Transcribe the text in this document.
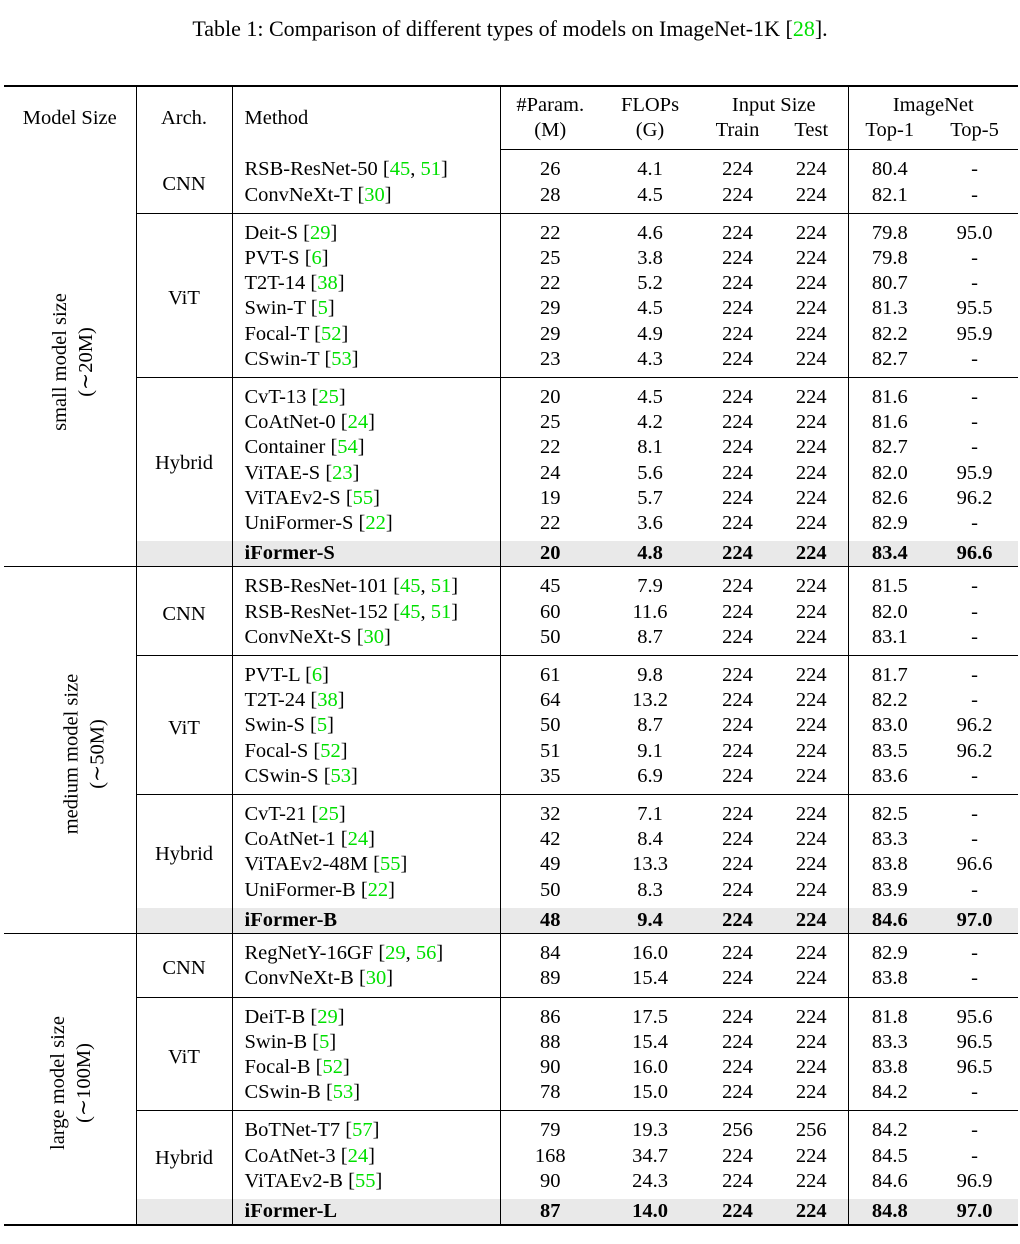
Table 1: Comparison of different types of models on ImageNet-1K [28].
Model Size	Arch.	Method	#Param.	FLOPs	Input Size		ImageNet	
			(M)	(G)	Train	Test	Top-1	Top-5

small model size (∼20M)	CNN	RSB-ResNet-50 [45, 51]	26	4.1	224	224	80.4	-
		ConvNeXt-T [30]	28	4.5	224	224	82.1	-
	ViT	Deit-S [29]	22	4.6	224	224	79.8	95.0
		PVT-S [6]	25	3.8	224	224	79.8	-
		T2T-14 [38]	22	5.2	224	224	80.7	-
		Swin-T [5]	29	4.5	224	224	81.3	95.5
		Focal-T [52]	29	4.9	224	224	82.2	95.9
		CSwin-T [53]	23	4.3	224	224	82.7	-
	Hybrid	CvT-13 [25]	20	4.5	224	224	81.6	-
		CoAtNet-0 [24]	25	4.2	224	224	81.6	-
		Container [54]	22	8.1	224	224	82.7	-
		ViTAE-S [23]	24	5.6	224	224	82.0	95.9
		ViTAEv2-S [55]	19	5.7	224	224	82.6	96.2
		UniFormer-S [22]	22	3.6	224	224	82.9	-
		iFormer-S	20	4.8	224	224	83.4	96.6

medium model size (∼50M)	CNN	RSB-ResNet-101 [45, 51]	45	7.9	224	224	81.5	-
		RSB-ResNet-152 [45, 51]	60	11.6	224	224	82.0	-
		ConvNeXt-S [30]	50	8.7	224	224	83.1	-
	ViT	PVT-L [6]	61	9.8	224	224	81.7	-
		T2T-24 [38]	64	13.2	224	224	82.2	-
		Swin-S [5]	50	8.7	224	224	83.0	96.2
		Focal-S [52]	51	9.1	224	224	83.5	96.2
		CSwin-S [53]	35	6.9	224	224	83.6	-
	Hybrid	CvT-21 [25]	32	7.1	224	224	82.5	-
		CoAtNet-1 [24]	42	8.4	224	224	83.3	-
		ViTAEv2-48M [55]	49	13.3	224	224	83.8	96.6
		UniFormer-B [22]	50	8.3	224	224	83.9	-
		iFormer-B	48	9.4	224	224	84.6	97.0

large model size (∼100M)	CNN	RegNetY-16GF [29, 56]	84	16.0	224	224	82.9	-
		ConvNeXt-B [30]	89	15.4	224	224	83.8	-
	ViT	DeiT-B [29]	86	17.5	224	224	81.8	95.6
		Swin-B [5]	88	15.4	224	224	83.3	96.5
		Focal-B [52]	90	16.0	224	224	83.8	96.5
		CSwin-B [53]	78	15.0	224	224	84.2	-
	Hybrid	BoTNet-T7 [57]	79	19.3	256	256	84.2	-
		CoAtNet-3 [24]	168	34.7	224	224	84.5	-
		ViTAEv2-B [55]	90	24.3	224	224	84.6	96.9
		iFormer-L	87	14.0	224	224	84.8	97.0
